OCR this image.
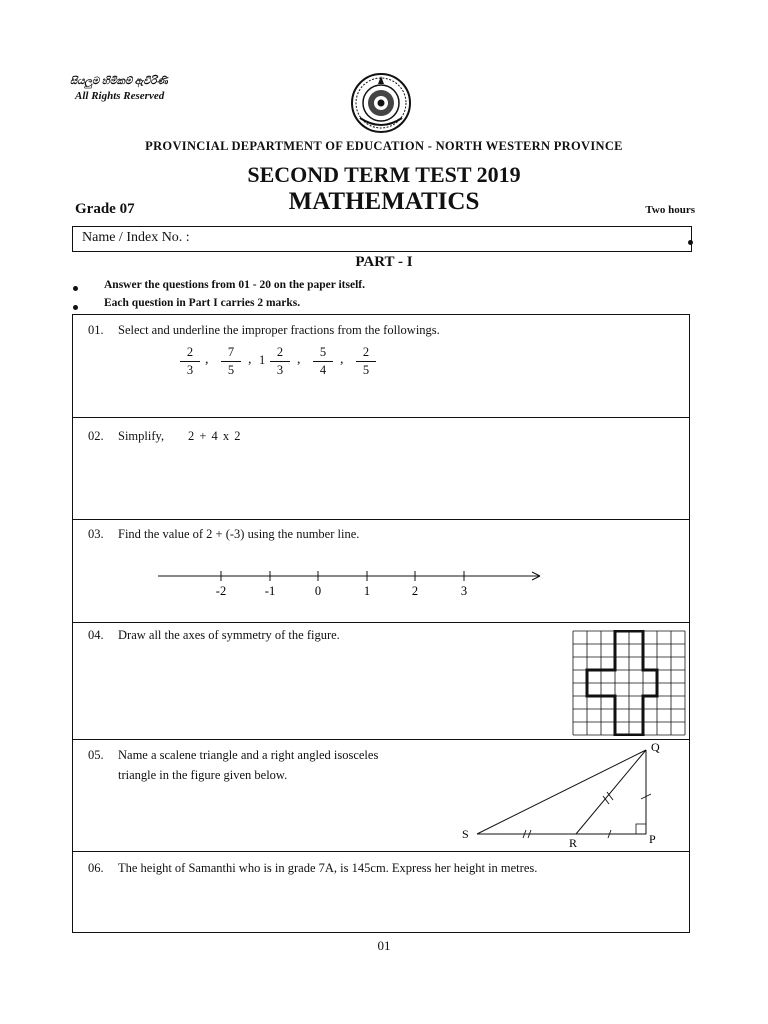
සියලුම හිමිකම් ඇවිරිණි
All Rights Reserved
PROVINCIAL DEPARTMENT OF EDUCATION - NORTH WESTERN PROVINCE
SECOND TERM TEST 2019
MATHEMATICS
Grade 07	Two hours
Name / Index No. :
PART - I
Answer the questions from 01 - 20 on the paper itself.
Each question in Part I carries 2 marks.
01. Select and underline the improper fractions from the followings.
$\frac{2}{3}$ , $\frac{7}{5}$ , $1 \frac{2}{3}$ , $\frac{5}{4}$ , $\frac{2}{5}$
02. Simplify, 2 + 4 x 2
03. Find the value of 2 + (-3) using the number line.
-2	-1	0	1	2	3
04. Draw all the axes of symmetry of the figure.
05. Name a scalene triangle and a right angled isosceles
triangle in the figure given below.
Q
S
R	P
06. The height of Samanthi who is in grade 7A, is 145cm. Express her height in metres.
01
